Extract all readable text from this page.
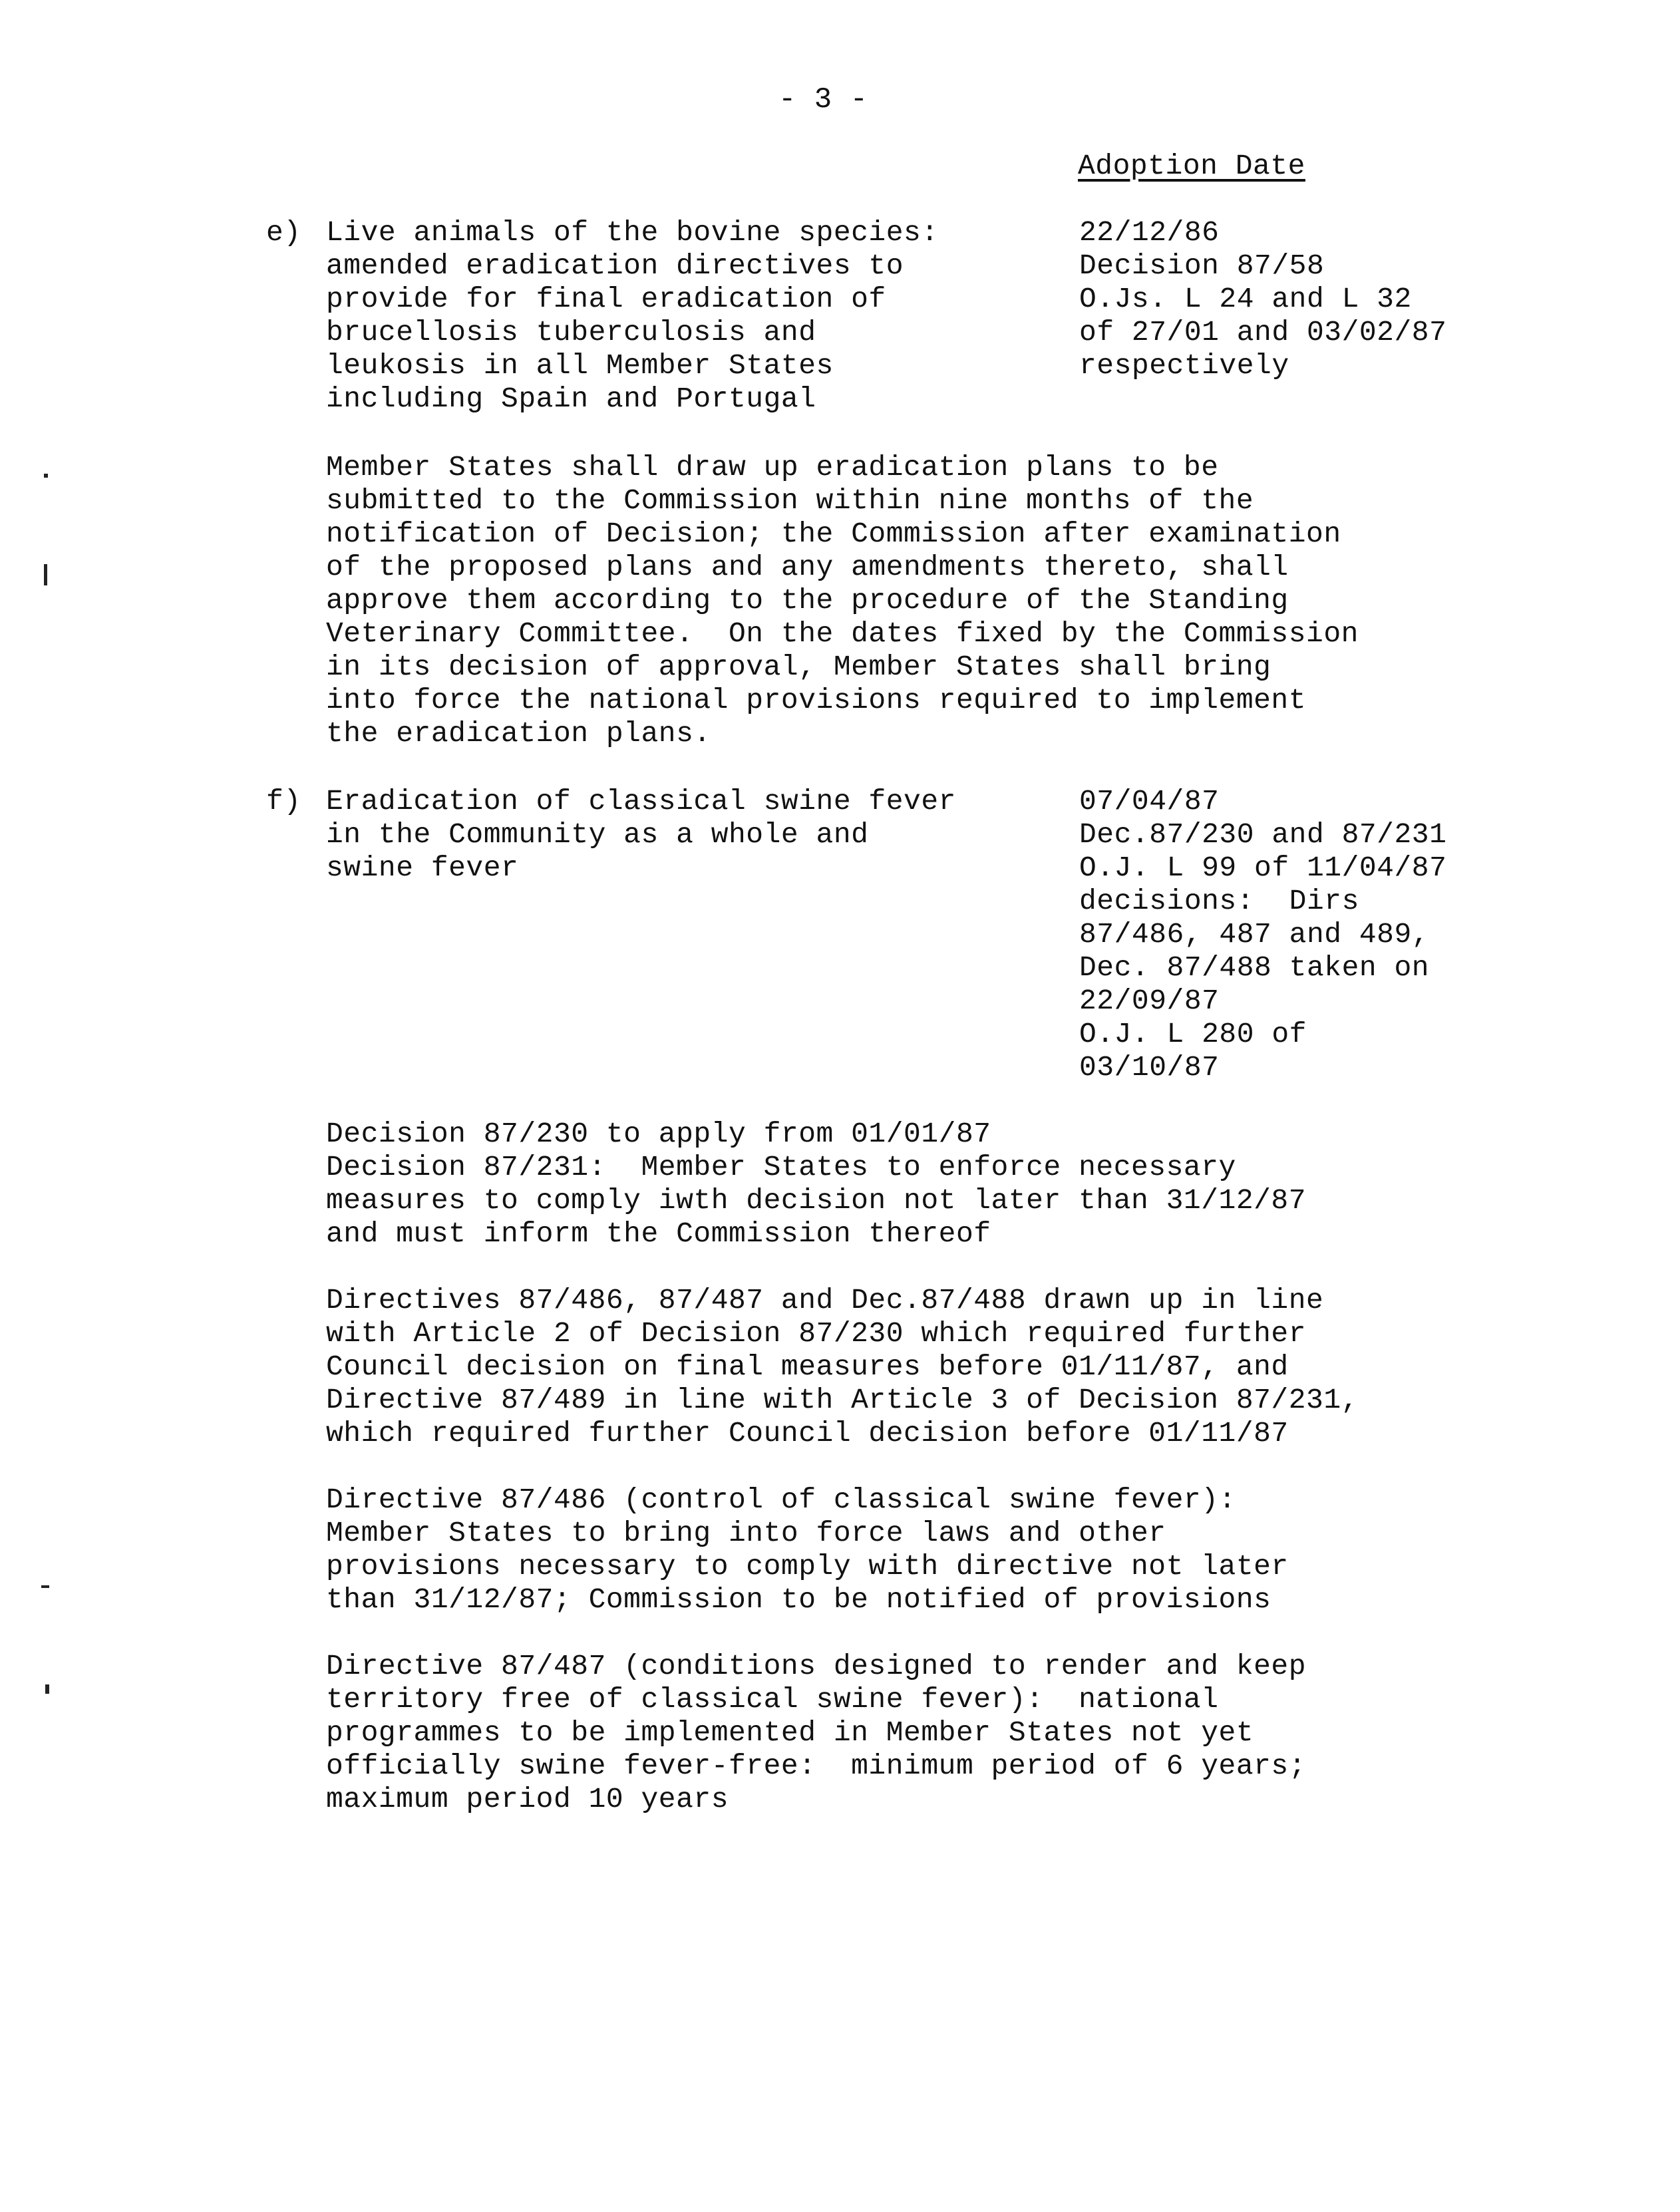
- 3 -
Adoption Date
e) Live animals of the bovine species:
amended eradication directives to
provide for final eradication of
brucellosis tuberculosis and
leukosis in all Member States
including Spain and Portugal
22/12/86
Decision 87/58
O.Js. L 24 and L 32
of 27/01 and 03/02/87
respectively
Member States shall draw up eradication plans to be
submitted to the Commission within nine months of the
notification of Decision; the Commission after examination
of the proposed plans and any amendments thereto, shall
approve them according to the procedure of the Standing
Veterinary Committee.  On the dates fixed by the Commission
in its decision of approval, Member States shall bring
into force the national provisions required to implement
the eradication plans.
f) Eradication of classical swine fever
in the Community as a whole and
swine fever
07/04/87
Dec.87/230 and 87/231
O.J. L 99 of 11/04/87
decisions:  Dirs
87/486, 487 and 489,
Dec. 87/488 taken on
22/09/87
O.J. L 280 of
03/10/87
Decision 87/230 to apply from 01/01/87
Decision 87/231:  Member States to enforce necessary
measures to comply iwth decision not later than 31/12/87
and must inform the Commission thereof
Directives 87/486, 87/487 and Dec.87/488 drawn up in line
with Article 2 of Decision 87/230 which required further
Council decision on final measures before 01/11/87, and
Directive 87/489 in line with Article 3 of Decision 87/231,
which required further Council decision before 01/11/87
Directive 87/486 (control of classical swine fever):
Member States to bring into force laws and other
provisions necessary to comply with directive not later
than 31/12/87; Commission to be notified of provisions
Directive 87/487 (conditions designed to render and keep
territory free of classical swine fever):  national
programmes to be implemented in Member States not yet
officially swine fever-free:  minimum period of 6 years;
maximum period 10 years
